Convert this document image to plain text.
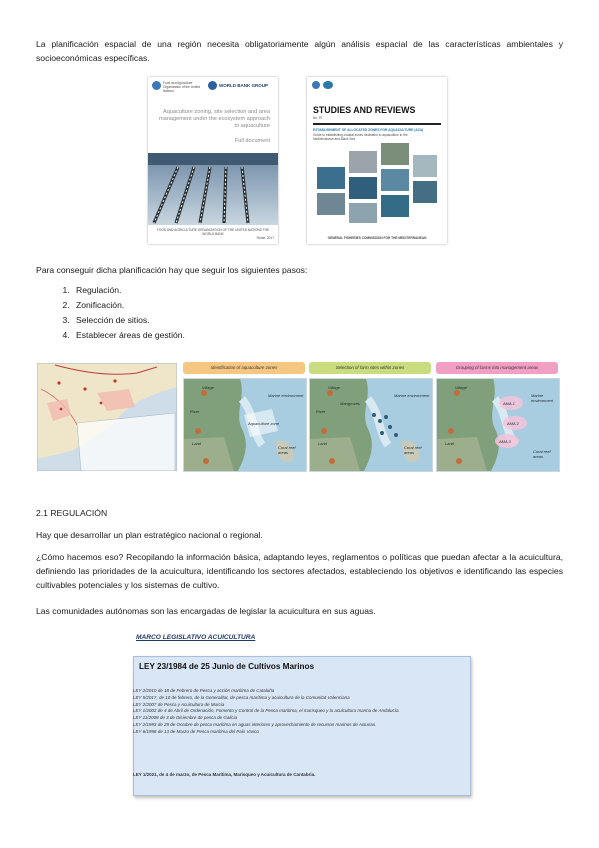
La planificación espacial de una región necesita obligatoriamente algún análisis espacial de las características ambientales y socioeconómicas específicas.
Food and Agriculture Organization of the United Nations
WORLD BANK GROUP
Aquaculture zoning, site selection and area management under the ecosystem approach to aquaculture
Full document
FOOD AND AGRICULTURE ORGANIZATION OF THE UNITED NATIONS THE WORLD BANK
Rome, 2017
STUDIES AND REVIEWS
No. 97
ESTABLISHMENT OF ALLOCATED ZONES FOR AQUACULTURE (AZA)
Guide to establishing coastal zones dedicated to aquaculture in the Mediterranean and Black Sea
GENERAL FISHERIES COMMISSION FOR THE MEDITERRANEAN
Para conseguir dicha planificación hay que seguir los siguientes pasos:
1. Regulación.
2. Zonificación.
3. Selección de sitios.
4. Establecer áreas de gestión.
Identification of aquaculture zones	Selection of farm sites within zones	Grouping of farms into management areas
Village
River
Marine environment
Aquaculture zone
Land
Coral reef areas
Village
River
Marine environment
Mangroves
Land
Coral reef areas
Village
Land
AMA 1
AMA 2
AMA 3
Marine environment
Coral reef areas
2.1 REGULACIÓN
Hay que desarrollar un plan estratégico nacional o regional.
¿Cómo hacemos eso? Recopilando la información básica, adaptando leyes, reglamentos o políticas que puedan afectar a la acuicultura, definiendo las prioridades de la acuicultura, identificando los sectores afectados, estableciendo los objetivos e identificando las especies cultivables potenciales y los sistemas de cultivo.
Las comunidades autónomas son las encargadas de legislar la acuicultura en sus aguas.
MARCO LEGISLATIVO ACUICULTURA
LEY 23/1984 de 25 Junio de Cultivos Marinos
LEY 2/2010 de 18 de Febrero de Pesca y acción marítima de Cataluña
LEY 5/2017, de 10 de febrero, de la Generalitat, de pesca marítima y acuicultura de la Comunitat Valenciana
LEY 2/2007 de Pesca y Acuicultura de Murcia
LEY 1/2002 de 4 de Abril de Ordenación, Fomento y Control de la Pesca marítima, el marisqueo y la acuicultura marina de Andalucía.
LEY 11/2008 de 3 de Diciembre de pesca de Galicia
LEY 2/1993 de 29 de Octubre de pesca marítima en aguas interiores y aprovechamiento de recursos marinos de Asturias.
LEY 6/1998 de 13 de Marzo de Pesca marítima del País Vasco
LEY 1/2021, de 4 de marzo, de Pesca Marítima, Marisqueo y Acuicultura de Cantabria.
